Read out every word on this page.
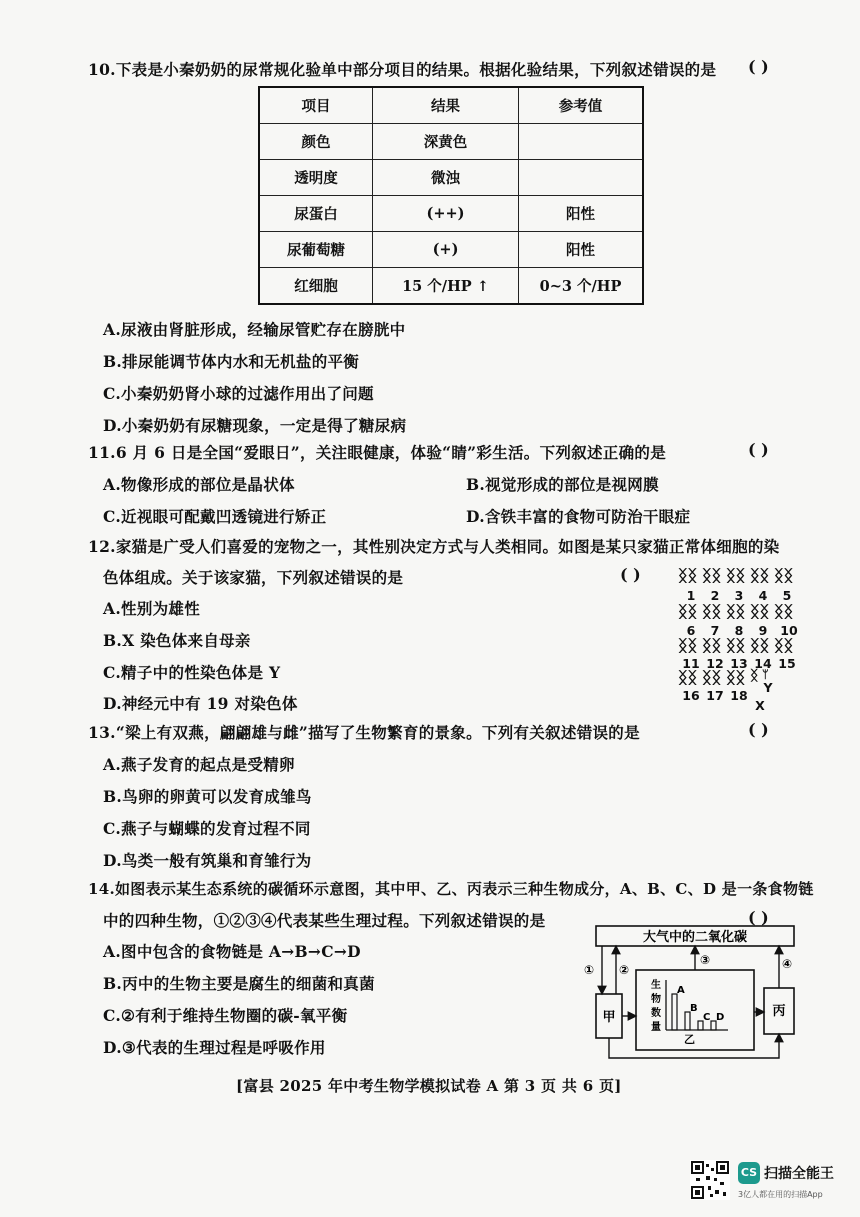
10.下表是小秦奶奶的尿常规化验单中部分项目的结果。根据化验结果，下列叙述错误的是 ( )
项目	结果	参考值
颜色	深黄色	
透明度	微浊	
尿蛋白	(++)	阳性
尿葡萄糖	(+)	阳性
红细胞	15 个/HP ↑	0~3 个/HP
A.尿液由肾脏形成，经输尿管贮存在膀胱中
B.排尿能调节体内水和无机盐的平衡
C.小秦奶奶肾小球的过滤作用出了问题
D.小秦奶奶有尿糖现象，一定是得了糖尿病
11.6 月 6 日是全国“爱眼日”，关注眼健康，体验“睛”彩生活。下列叙述正确的是	( )
A.物像形成的部位是晶状体	B.视觉形成的部位是视网膜
C.近视眼可配戴凹透镜进行矫正	D.含铁丰富的食物可防治干眼症
12.家猫是广受人们喜爱的宠物之一，其性别决定方式与人类相同。如图是某只家猫正常体细胞的染
色体组成。关于该家猫，下列叙述错误的是	( )
A.性别为雄性
B.X 染色体来自母亲
C.精子中的性染色体是 Y
D.神经元中有 19 对染色体
ᛝᛝ ᛝᛝ ᛝᛝ ᛝᛝ ᛝᛝ
1	2	3	4	5
ᛝᛝ ᛝᛝ ᛝᛝ ᛝᛝ ᛝᛝ
6	7	8	9	10
ᛝᛝ ᛝᛝ ᛝᛝ ᛝᛝ ᛝᛝ
11 12 13 14 15
ᛝᛝ ᛝᛝ ᛝᛝ ᛝ ᛘ
16 17 18
X
Y
13.“梁上有双燕，翩翩雄与雌”描写了生物繁育的景象。下列有关叙述错误的是	( )
A.燕子发育的起点是受精卵
B.鸟卵的卵黄可以发育成雏鸟
C.燕子与蝴蝶的发育过程不同
D.鸟类一般有筑巢和育雏行为
14.如图表示某生态系统的碳循环示意图，其中甲、乙、丙表示三种生物成分，A、B、C、D 是一条食物链
中的四种生物，①②③④代表某些生理过程。下列叙述错误的是	( )
A.图中包含的食物链是 A→B→C→D
B.丙中的生物主要是腐生的细菌和真菌
C.②有利于维持生物圈的碳-氧平衡
D.③代表的生理过程是呼吸作用
大气中的二氧化碳
甲	丙
生
物
数
量
乙
A
B
C D
① ②
③	④
[富县 2025 年中考生物学模拟试卷 A 第 3 页 共 6 页]
CS 扫描全能王
3亿人都在用的扫描App
